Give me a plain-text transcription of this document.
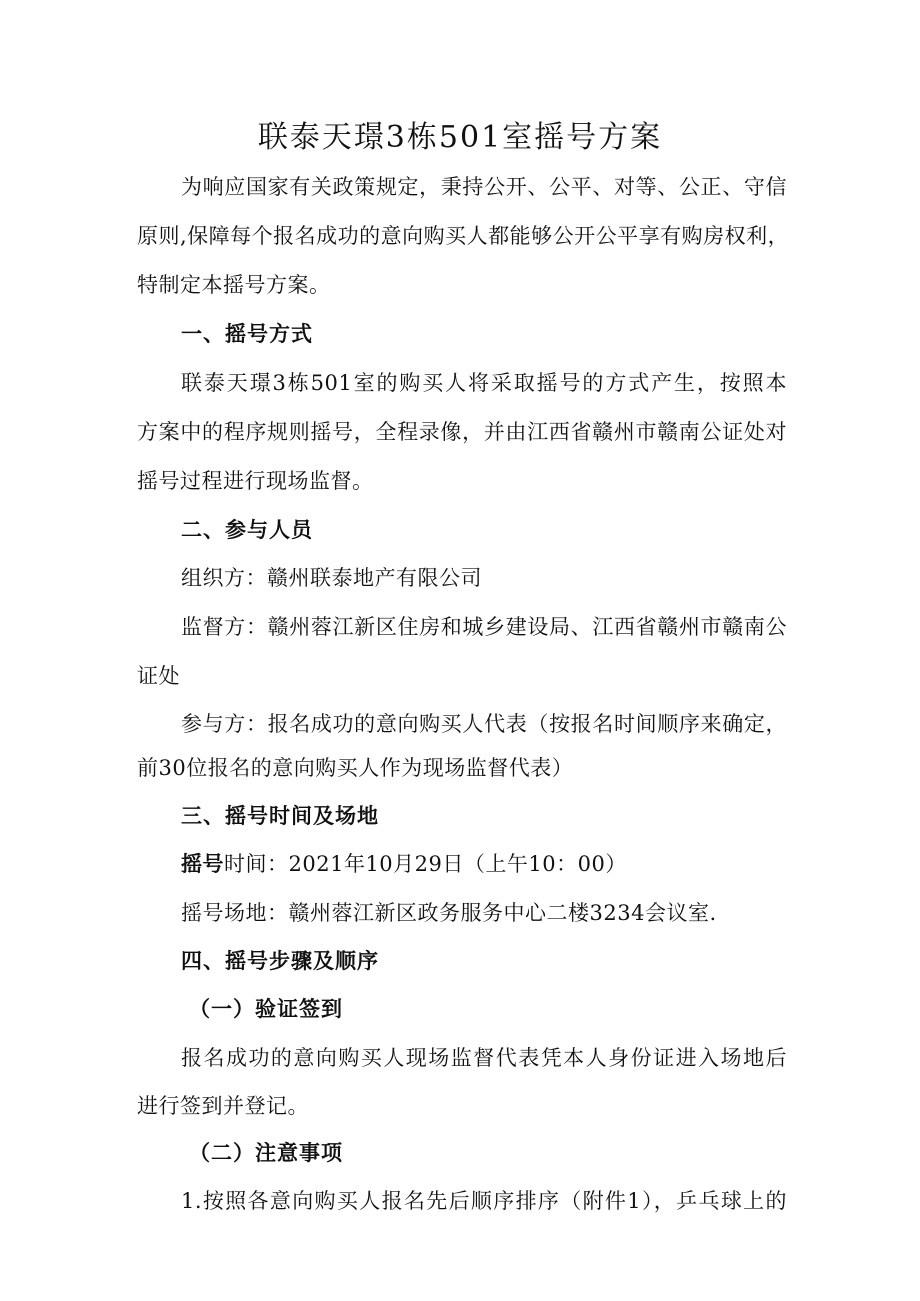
联泰天璟3栋501室摇号方案
为响应国家有关政策规定，秉持公开、公平、对等、公正、守信
原则,保障每个报名成功的意向购买人都能够公开公平享有购房权利，
特制定本摇号方案。
一、摇号方式
联泰天璟3栋501室的购买人将采取摇号的方式产生，按照本
方案中的程序规则摇号，全程录像，并由江西省赣州市赣南公证处对
摇号过程进行现场监督。
二、参与人员
组织方：赣州联泰地产有限公司
监督方：赣州蓉江新区住房和城乡建设局、江西省赣州市赣南公
证处
参与方：报名成功的意向购买人代表（按报名时间顺序来确定，
前30位报名的意向购买人作为现场监督代表）
三、摇号时间及场地
摇号时间：2021年10月29日（上午10：00）
摇号场地：赣州蓉江新区政务服务中心二楼3234会议室.
四、摇号步骤及顺序
（一）验证签到
报名成功的意向购买人现场监督代表凭本人身份证进入场地后
进行签到并登记。
（二）注意事项
1.按照各意向购买人报名先后顺序排序（附件1），乒乓球上的
